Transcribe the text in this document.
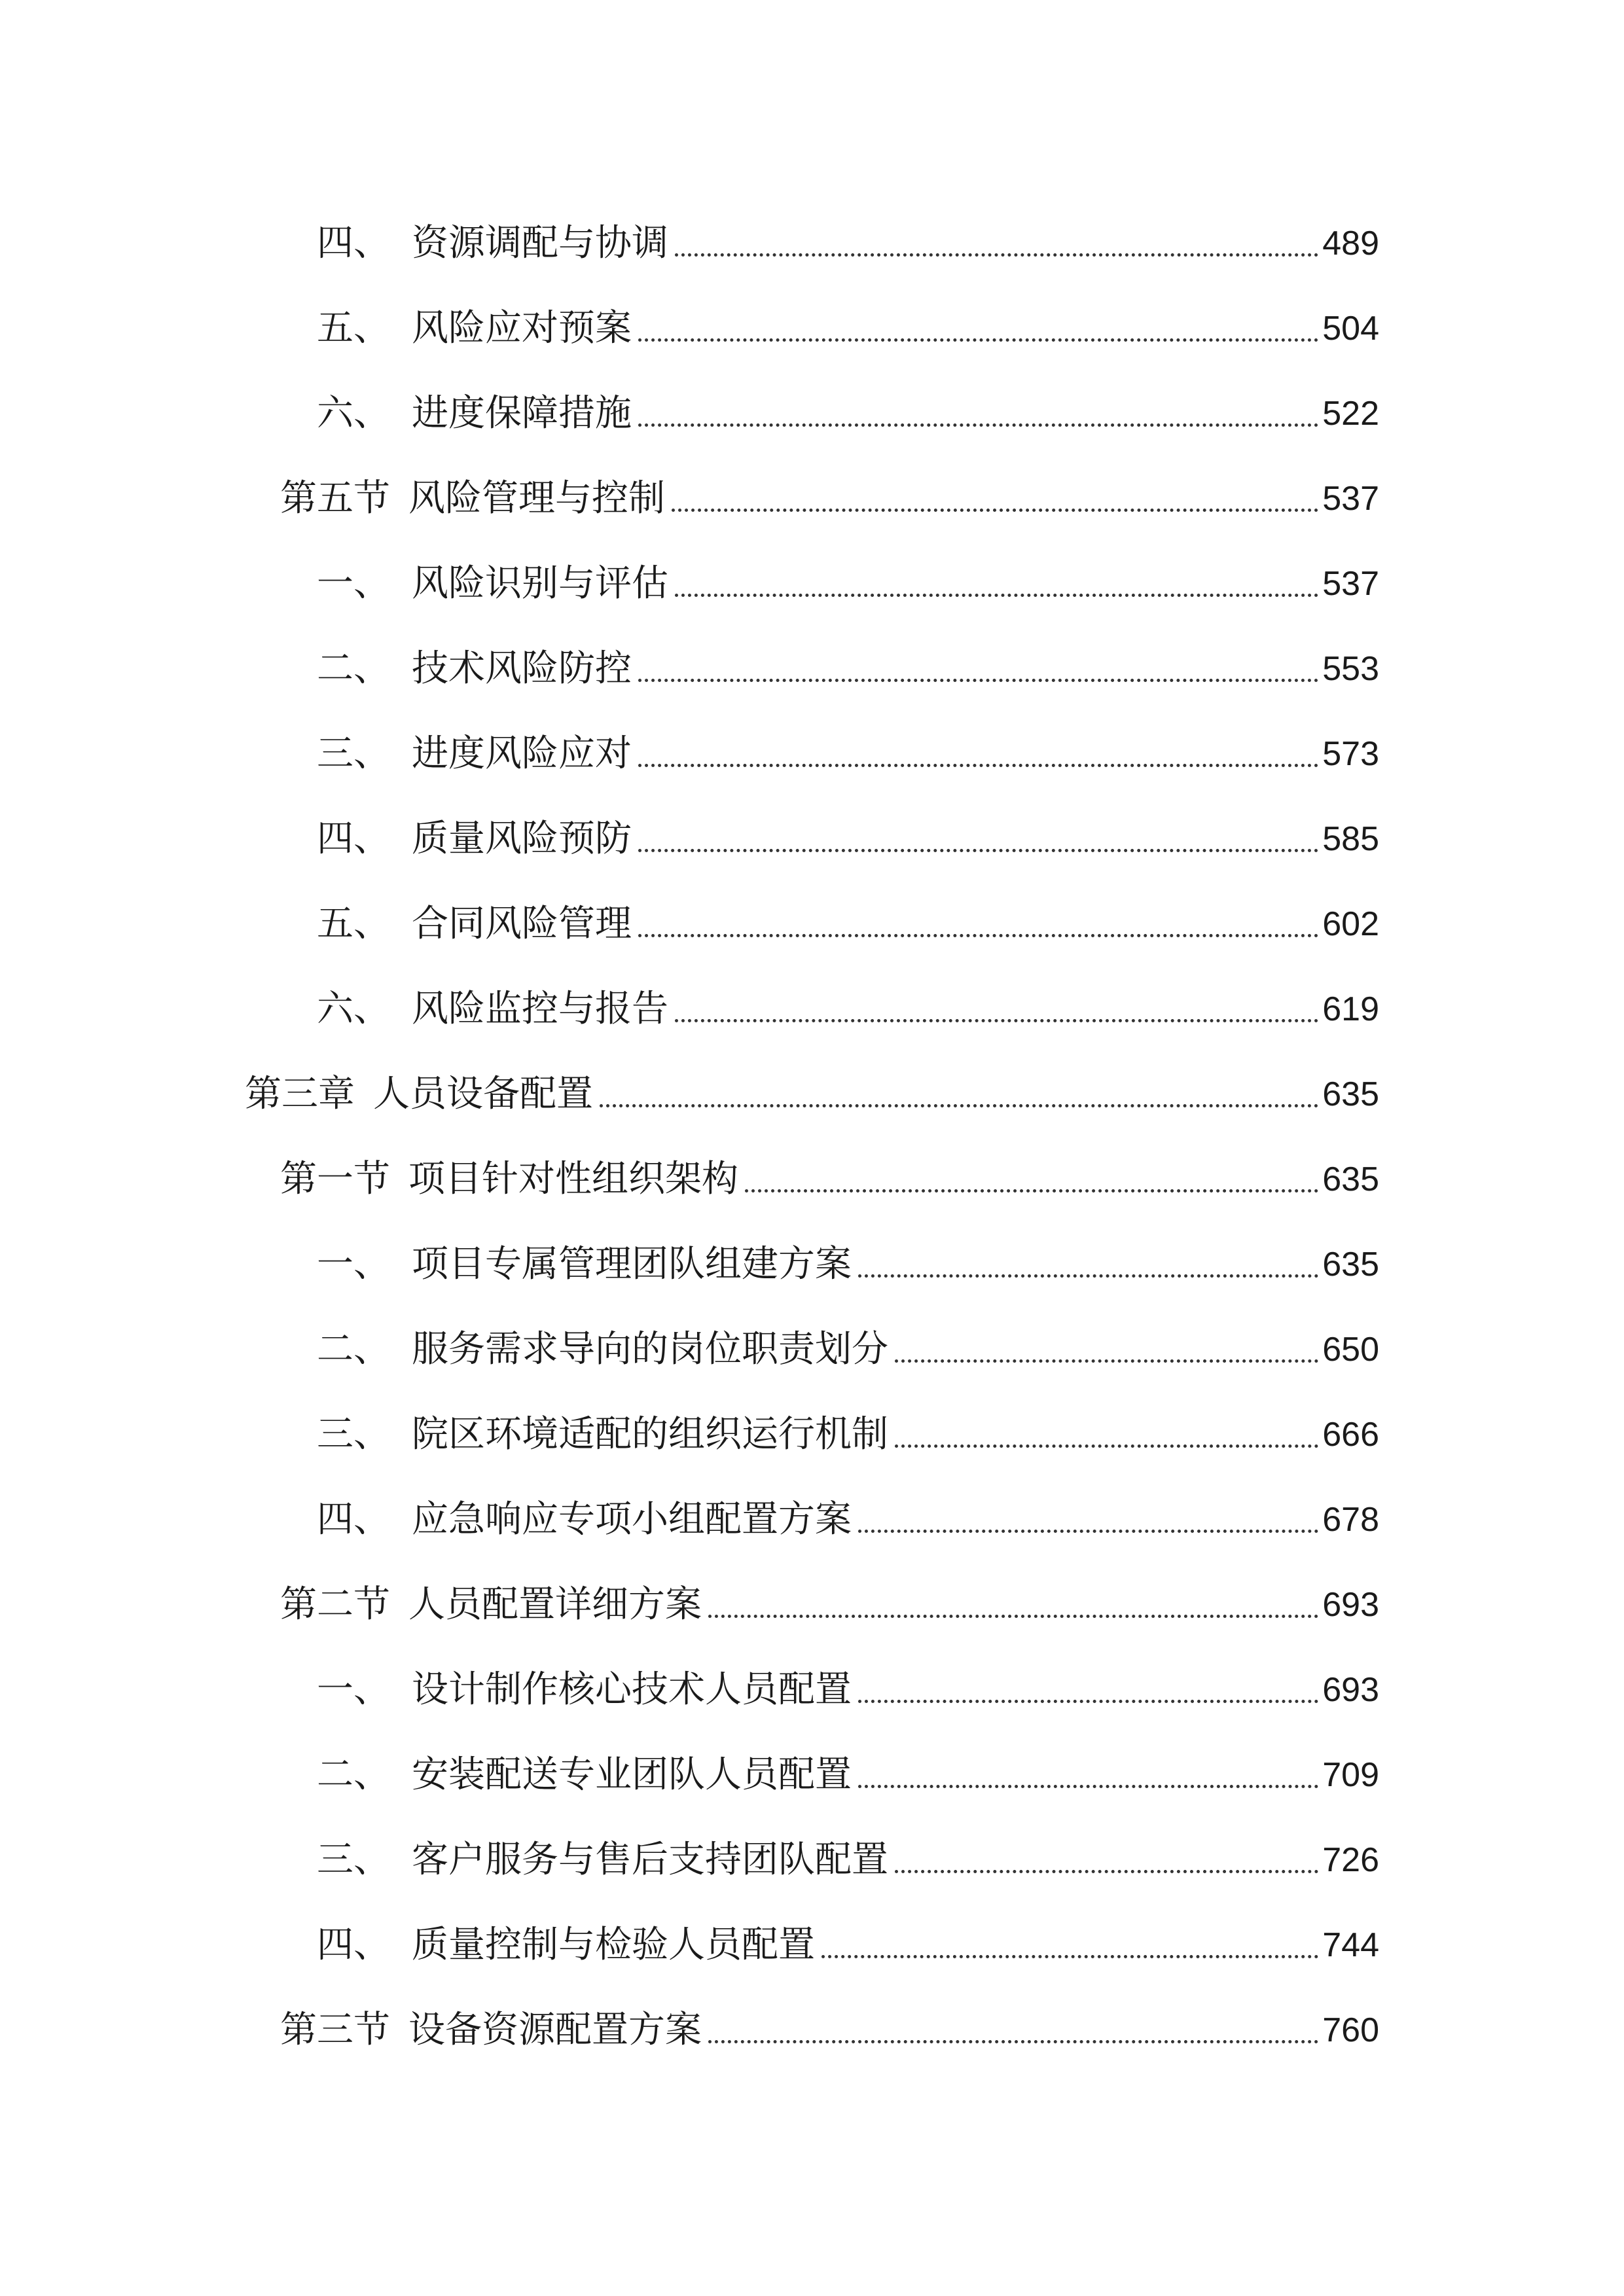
四、 资源调配与协调	489
五、 风险应对预案	504
六、 进度保障措施	522
第五节 风险管理与控制	537
一、 风险识别与评估	537
二、 技术风险防控	553
三、 进度风险应对	573
四、 质量风险预防	585
五、 合同风险管理	602
六、 风险监控与报告	619
第三章 人员设备配置	635
第一节 项目针对性组织架构	635
一、 项目专属管理团队组建方案	635
二、 服务需求导向的岗位职责划分	650
三、 院区环境适配的组织运行机制	666
四、 应急响应专项小组配置方案	678
第二节 人员配置详细方案	693
一、 设计制作核心技术人员配置	693
二、 安装配送专业团队人员配置	709
三、 客户服务与售后支持团队配置	726
四、 质量控制与检验人员配置	744
第三节 设备资源配置方案	760
